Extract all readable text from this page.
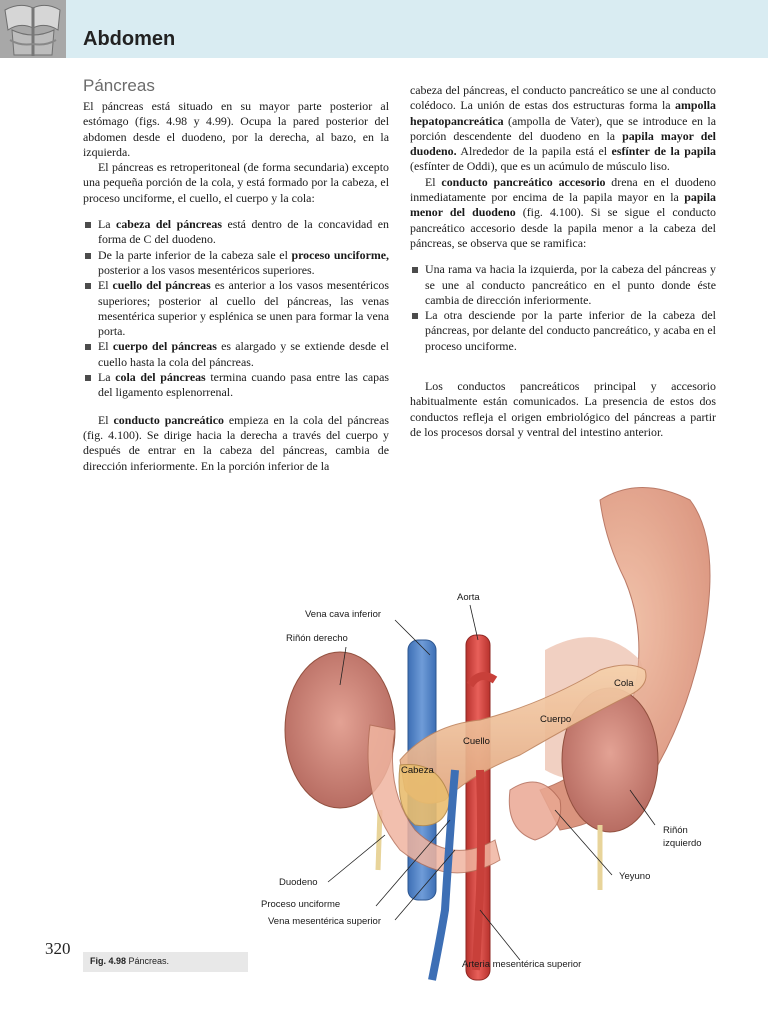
Abdomen
Páncreas

El páncreas está situado en su mayor parte posterior al estómago (figs. 4.98 y 4.99). Ocupa la pared posterior del abdomen desde el duodeno, por la derecha, al bazo, en la izquierda.

El páncreas es retroperitoneal (de forma secundaria) excepto una pequeña porción de la cola, y está formado por la cabeza, el proceso unciforme, el cuello, el cuerpo y la cola:

La cabeza del páncreas está dentro de la concavidad en forma de C del duodeno.
De la parte inferior de la cabeza sale el proceso unciforme, posterior a los vasos mesentéricos superiores.
El cuello del páncreas es anterior a los vasos mesentéricos superiores; posterior al cuello del páncreas, las venas mesentérica superior y esplénica se unen para formar la vena porta.
El cuerpo del páncreas es alargado y se extiende desde el cuello hasta la cola del páncreas.
La cola del páncreas termina cuando pasa entre las capas del ligamento esplenorrenal.

El conducto pancreático empieza en la cola del páncreas (fig. 4.100). Se dirige hacia la derecha a través del cuerpo y después de entrar en la cabeza del páncreas, cambia de dirección inferiormente. En la porción inferior de la

cabeza del páncreas, el conducto pancreático se une al conducto colédoco. La unión de estas dos estructuras forma la ampolla hepatopancreática (ampolla de Vater), que se introduce en la porción descendente del duodeno en la papila mayor del duodeno. Alrededor de la papila está el esfínter de la papila (esfínter de Oddi), que es un acúmulo de músculo liso.

El conducto pancreático accesorio drena en el duodeno inmediatamente por encima de la papila mayor en la papila menor del duodeno (fig. 4.100). Si se sigue el conducto pancreático accesorio desde la papila menor a la cabeza del páncreas, se observa que se ramifica:

Una rama va hacia la izquierda, por la cabeza del páncreas y se une al conducto pancreático en el punto donde éste cambia de dirección inferiormente.
La otra desciende por la parte inferior de la cabeza del páncreas, por delante del conducto pancreático, y acaba en el proceso unciforme.

Los conductos pancreáticos principal y accesorio habitualmente están comunicados. La presencia de estos dos conductos refleja el origen embriológico del páncreas a partir de los procesos dorsal y ventral del intestino anterior.

Aorta
Vena cava inferior
Riñón derecho
Cola
Cuerpo
Cuello
Cabeza
Riñón
izquierdo
Yeyuno
Duodeno
Proceso unciforme
Vena mesentérica superior
Arteria mesentérica superior
320
Fig. 4.98 Páncreas.
